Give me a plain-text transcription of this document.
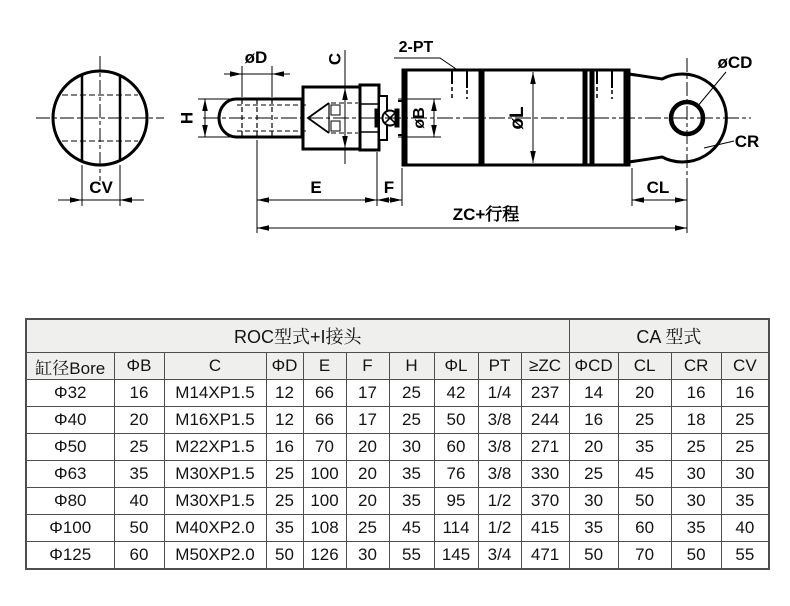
CV
øD
H
C
2-PT
øB	øL
øCD
CR
CL
E	F
ZC+行程
ROC型式+I接头										CA 型式			
缸径Bore	ΦB	C	ΦD	E	F	H	ΦL	PT	≥ZC	ΦCD	CL	CR	CV
Φ32	16	M14XP1.5	12	66	17	25	42	1/4	237	14	20	16	16
Φ40	20	M16XP1.5	12	66	17	25	50	3/8	244	16	25	18	25
Φ50	25	M22XP1.5	16	70	20	30	60	3/8	271	20	35	25	25
Φ63	35	M30XP1.5	25	100	20	35	76	3/8	330	25	45	30	30
Φ80	40	M30XP1.5	25	100	20	35	95	1/2	370	30	50	30	35
Φ100	50	M40XP2.0	35	108	25	45	114	1/2	415	35	60	35	40
Φ125	60	M50XP2.0	50	126	30	55	145	3/4	471	50	70	50	55
